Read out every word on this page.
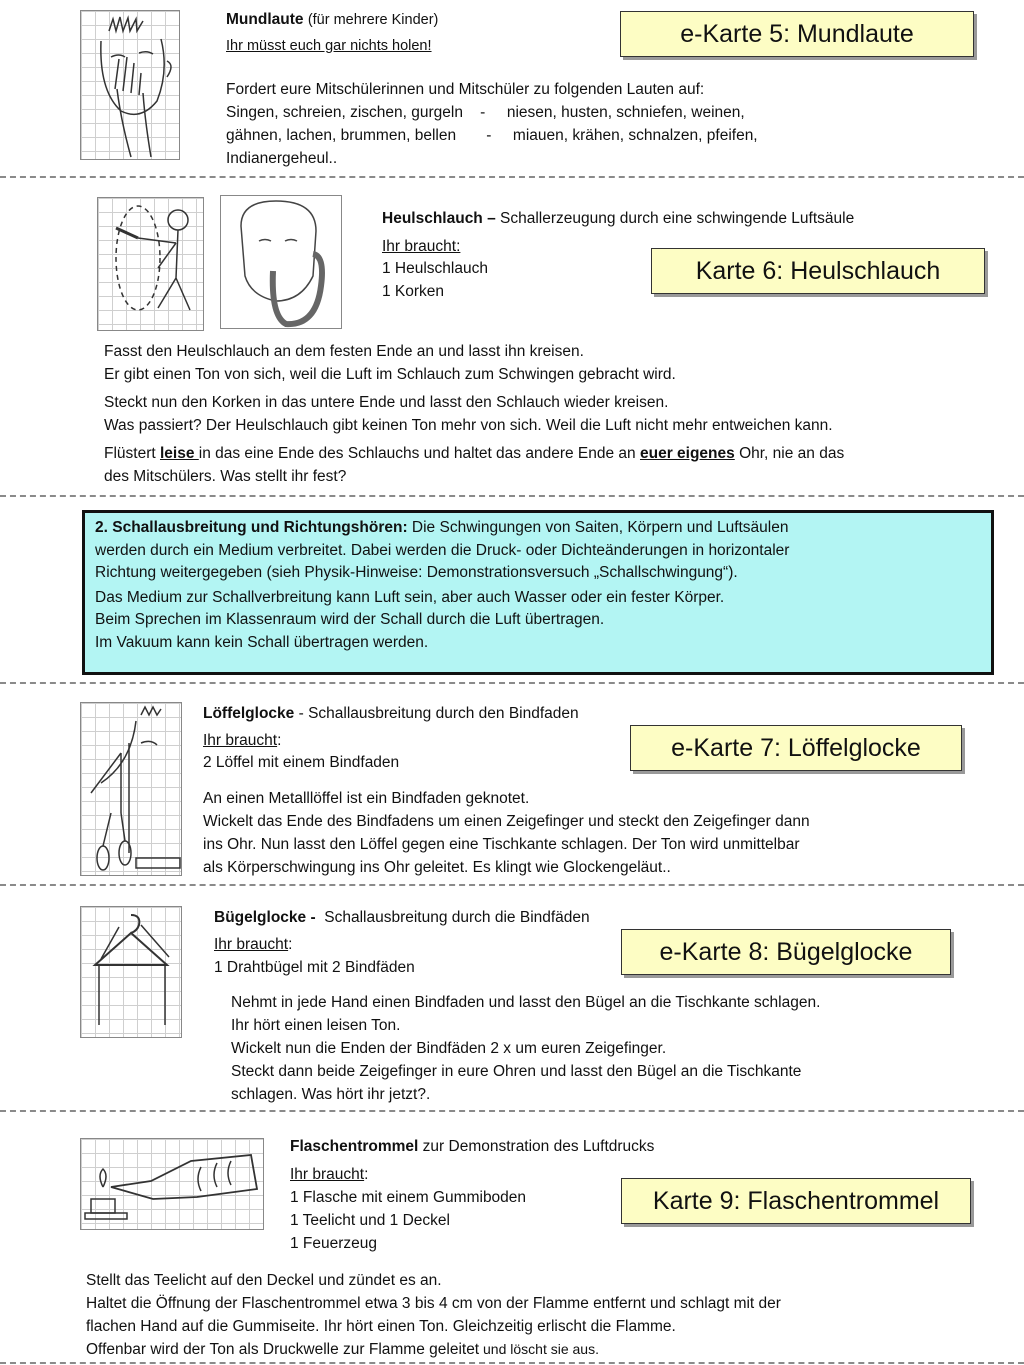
Mundlaute (für mehrere Kinder)
Ihr müsst euch gar nichts holen!	e-Karte 5: Mundlaute
Fordert eure Mitschülerinnen und Mitschüler zu folgenden Lauten auf:
Singen, schreien, zischen, gurgeln    -     niesen, husten, schniefen, weinen,
gähnen, lachen, brummen, bellen       -     miauen, krähen, schnalzen, pfeifen,
Indianergeheul..
Heulschlauch – Schallerzeugung durch eine schwingende Luftsäule
Ihr braucht:
1 Heulschlauch
1 Korken
Karte 6: Heulschlauch
Fasst den Heulschlauch an dem festen Ende an und lasst ihn kreisen.
Er gibt einen Ton von sich, weil die Luft im Schlauch zum Schwingen gebracht wird.
Steckt nun den Korken in das untere Ende und lasst den Schlauch wieder kreisen.
Was passiert? Der Heulschlauch gibt keinen Ton mehr von sich. Weil die Luft nicht mehr entweichen kann.
Flüstert leise in das eine Ende des Schlauchs und haltet das andere Ende an euer eigenes Ohr, nie an das
des Mitschülers. Was stellt ihr fest?
2. Schallausbreitung und Richtungshören: Die Schwingungen von Saiten, Körpern und Luftsäulen
werden durch ein Medium verbreitet. Dabei werden die Druck- oder Dichteänderungen in horizontaler
Richtung weitergegeben (sieh Physik-Hinweise: Demonstrationsversuch „Schallschwingung“).
Das Medium zur Schallverbreitung kann Luft sein, aber auch Wasser oder ein fester Körper.
Beim Sprechen im Klassenraum wird der Schall durch die Luft übertragen.
Im Vakuum kann kein Schall übertragen werden.
Löffelglocke - Schallausbreitung durch den Bindfaden
Ihr braucht:
2 Löffel mit einem Bindfaden
e-Karte 7: Löffelglocke
An einen Metalllöffel ist ein Bindfaden geknotet.
Wickelt das Ende des Bindfadens um einen Zeigefinger und steckt den Zeigefinger dann
ins Ohr. Nun lasst den Löffel gegen eine Tischkante schlagen. Der Ton wird unmittelbar
als Körperschwingung ins Ohr geleitet. Es klingt wie Glockengeläut..
Bügelglocke -  Schallausbreitung durch die Bindfäden
Ihr braucht:
1 Drahtbügel mit 2 Bindfäden
e-Karte 8: Bügelglocke
Nehmt in jede Hand einen Bindfaden und lasst den Bügel an die Tischkante schlagen.
Ihr hört einen leisen Ton.
Wickelt nun die Enden der Bindfäden 2 x um euren Zeigefinger.
Steckt dann beide Zeigefinger in eure Ohren und lasst den Bügel an die Tischkante
schlagen. Was hört ihr jetzt?.
Flaschentrommel zur Demonstration des Luftdrucks
Ihr braucht:
1 Flasche mit einem Gummiboden
1 Teelicht und 1 Deckel
1 Feuerzeug
Karte 9: Flaschentrommel
Stellt das Teelicht auf den Deckel und zündet es an.
Haltet die Öffnung der Flaschentrommel etwa 3 bis 4 cm von der Flamme entfernt und schlagt mit der
flachen Hand auf die Gummiseite. Ihr hört einen Ton. Gleichzeitig erlischt die Flamme.
Offenbar wird der Ton als Druckwelle zur Flamme geleitet und löscht sie aus.
